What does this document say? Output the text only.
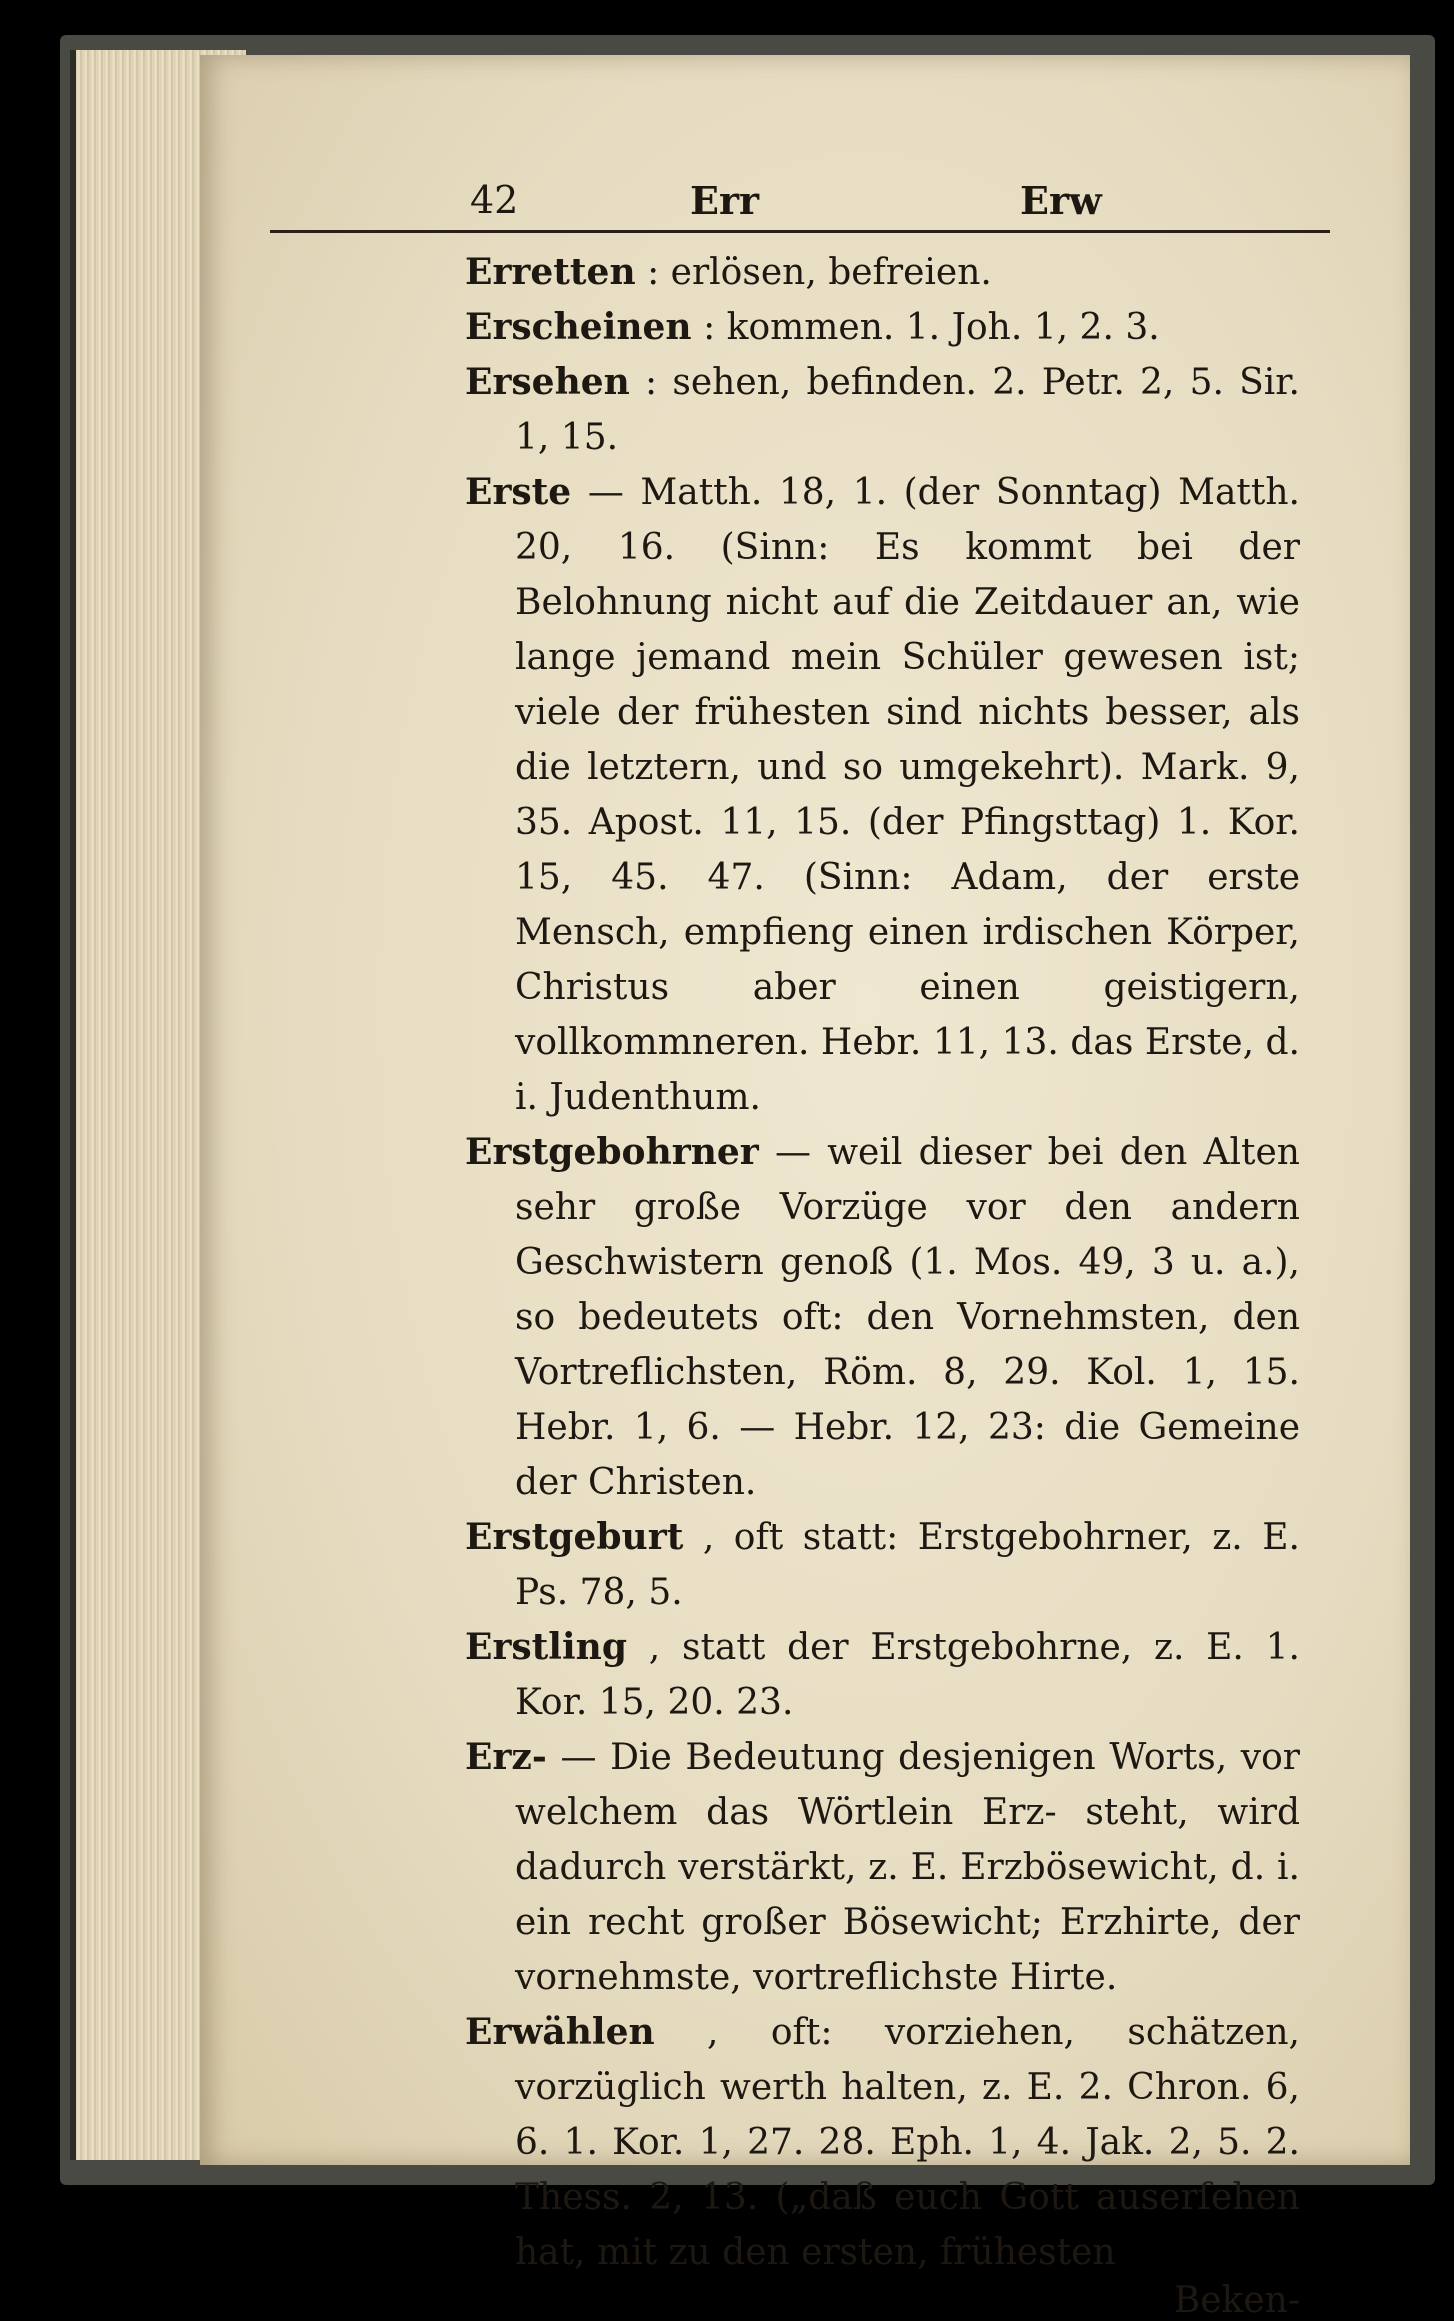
42	Err	Erw

Erretten : erlösen, befreien.

Erscheinen : kommen. 1. Joh. 1, 2. 3.

Ersehen : sehen, befinden. 2. Petr. 2, 5. Sir. 1, 15.

Erste — Matth. 18, 1. (der Sonntag) Matth. 20, 16. (Sinn: Es kommt bei der Belohnung nicht auf die Zeitdauer an, wie lange jemand mein Schüler gewesen ist; viele der frühesten sind nichts besser, als die letztern, und so umgekehrt). Mark. 9, 35. Apost. 11, 15. (der Pfingsttag) 1. Kor. 15, 45. 47. (Sinn: Adam, der erste Mensch, empfieng einen irdischen Körper, Christus aber einen geistigern, vollkommneren. Hebr. 11, 13. das Erste, d. i. Judenthum.

Erstgebohrner — weil dieser bei den Alten sehr große Vorzüge vor den andern Geschwistern genoß (1. Mos. 49, 3 u. a.), so bedeutets oft: den Vornehmsten, den Vortreflichsten, Röm. 8, 29. Kol. 1, 15. Hebr. 1, 6. — Hebr. 12, 23: die Gemeine der Christen.

Erstgeburt , oft statt: Erstgebohrner, z. E. Ps. 78, 5.

Erstling , statt der Erstgebohrne, z. E. 1. Kor. 15, 20. 23.

Erz- — Die Bedeutung desjenigen Worts, vor welchem das Wörtlein Erz- steht, wird dadurch verstärkt, z. E. Erzbösewicht, d. i. ein recht großer Bösewicht; Erzhirte, der vornehmste, vortreflichste Hirte.

Erwählen , oft: vorziehen, schätzen, vorzüglich werth halten, z. E. 2. Chron. 6, 6. 1. Kor. 1, 27. 28. Eph. 1, 4. Jak. 2, 5. 2. Thess. 2, 13. („daß euch Gott auserſehen hat, mit zu den ersten, frühesten

Beken-
